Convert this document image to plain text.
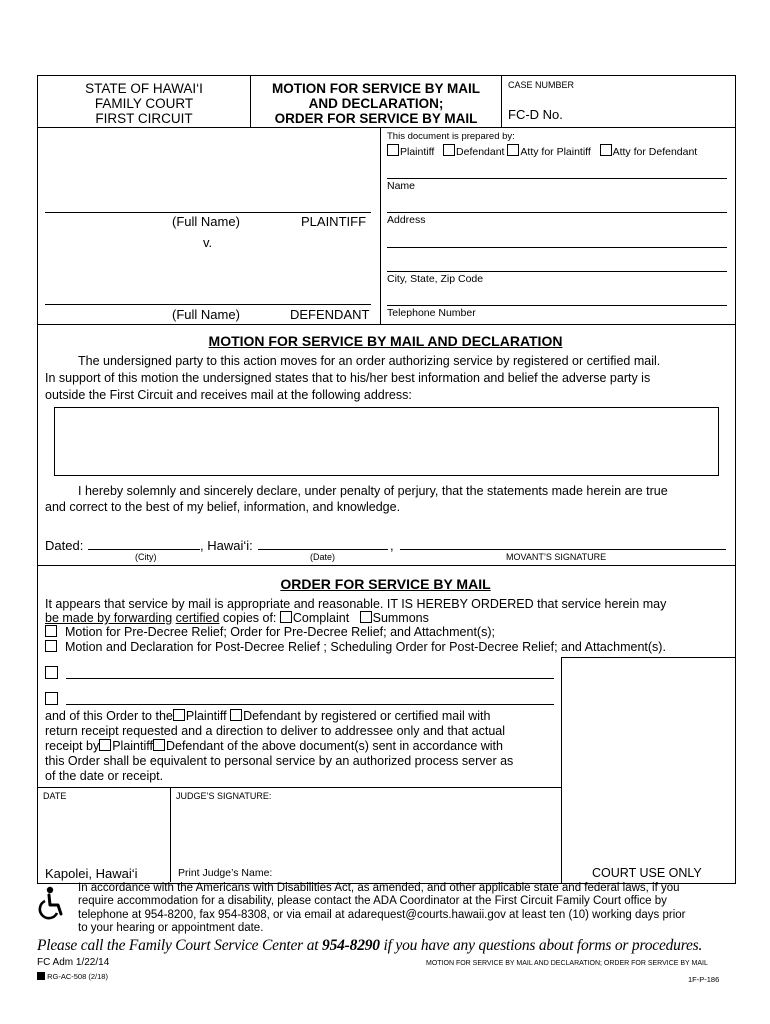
STATE OF HAWAI‘I
FAMILY COURT
FIRST CIRCUIT
MOTION FOR SERVICE BY MAIL
AND DECLARATION;
ORDER FOR SERVICE BY MAIL
CASE NUMBER
FC-D No.
This document is prepared by:
Plaintiff Defendant Atty for Plaintiff Atty for Defendant
Name
Address
City, State, Zip Code
Telephone Number
(Full Name)	PLAINTIFF
v.
(Full Name)	DEFENDANT
MOTION FOR SERVICE BY MAIL AND DECLARATION
The undersigned party to this action moves for an order authorizing service by registered or certified mail.
In support of this motion the undersigned states that to his/her best information and belief the adverse party is
outside the First Circuit and receives mail at the following address:
I hereby solemnly and sincerely declare, under penalty of perjury, that the statements made herein are true
and correct to the best of my belief, information, and knowledge.
Dated:	, Hawai‘i:	,
(City)	(Date)	MOVANT’S SIGNATURE
ORDER FOR SERVICE BY MAIL
It appears that service by mail is appropriate and reasonable. IT IS HEREBY ORDERED that service herein may
be made by forwarding certified copies of: Complaint Summons
Motion for Pre-Decree Relief; Order for Pre-Decree Relief; and Attachment(s);
Motion and Declaration for Post-Decree Relief ; Scheduling Order for Post-Decree Relief; and Attachment(s).
and of this Order to the Plaintiff Defendant by registered or certified mail with
return receipt requested and a direction to deliver to addressee only and that actual
receipt by Plaintiff Defendant of the above document(s) sent in accordance with
this Order shall be equivalent to personal service by an authorized process server as
of the date or receipt.
DATE	JUDGE’S SIGNATURE:
Kapolei, Hawai‘i	Print Judge’s Name:	COURT USE ONLY
In accordance with the Americans with Disabilities Act, as amended, and other applicable state and federal laws, if you
require accommodation for a disability, please contact the ADA Coordinator at the First Circuit Family Court office by
telephone at 954-8200, fax 954-8308, or via email at adarequest@courts.hawaii.gov at least ten (10) working days prior
to your hearing or appointment date.
Please call the Family Court Service Center at 954-8290 if you have any questions about forms or procedures.
FC Adm 1/22/14	MOTION FOR SERVICE BY MAIL AND DECLARATION; ORDER FOR SERVICE BY MAIL
RG-AC-508 (2/18)	1F-P-186
